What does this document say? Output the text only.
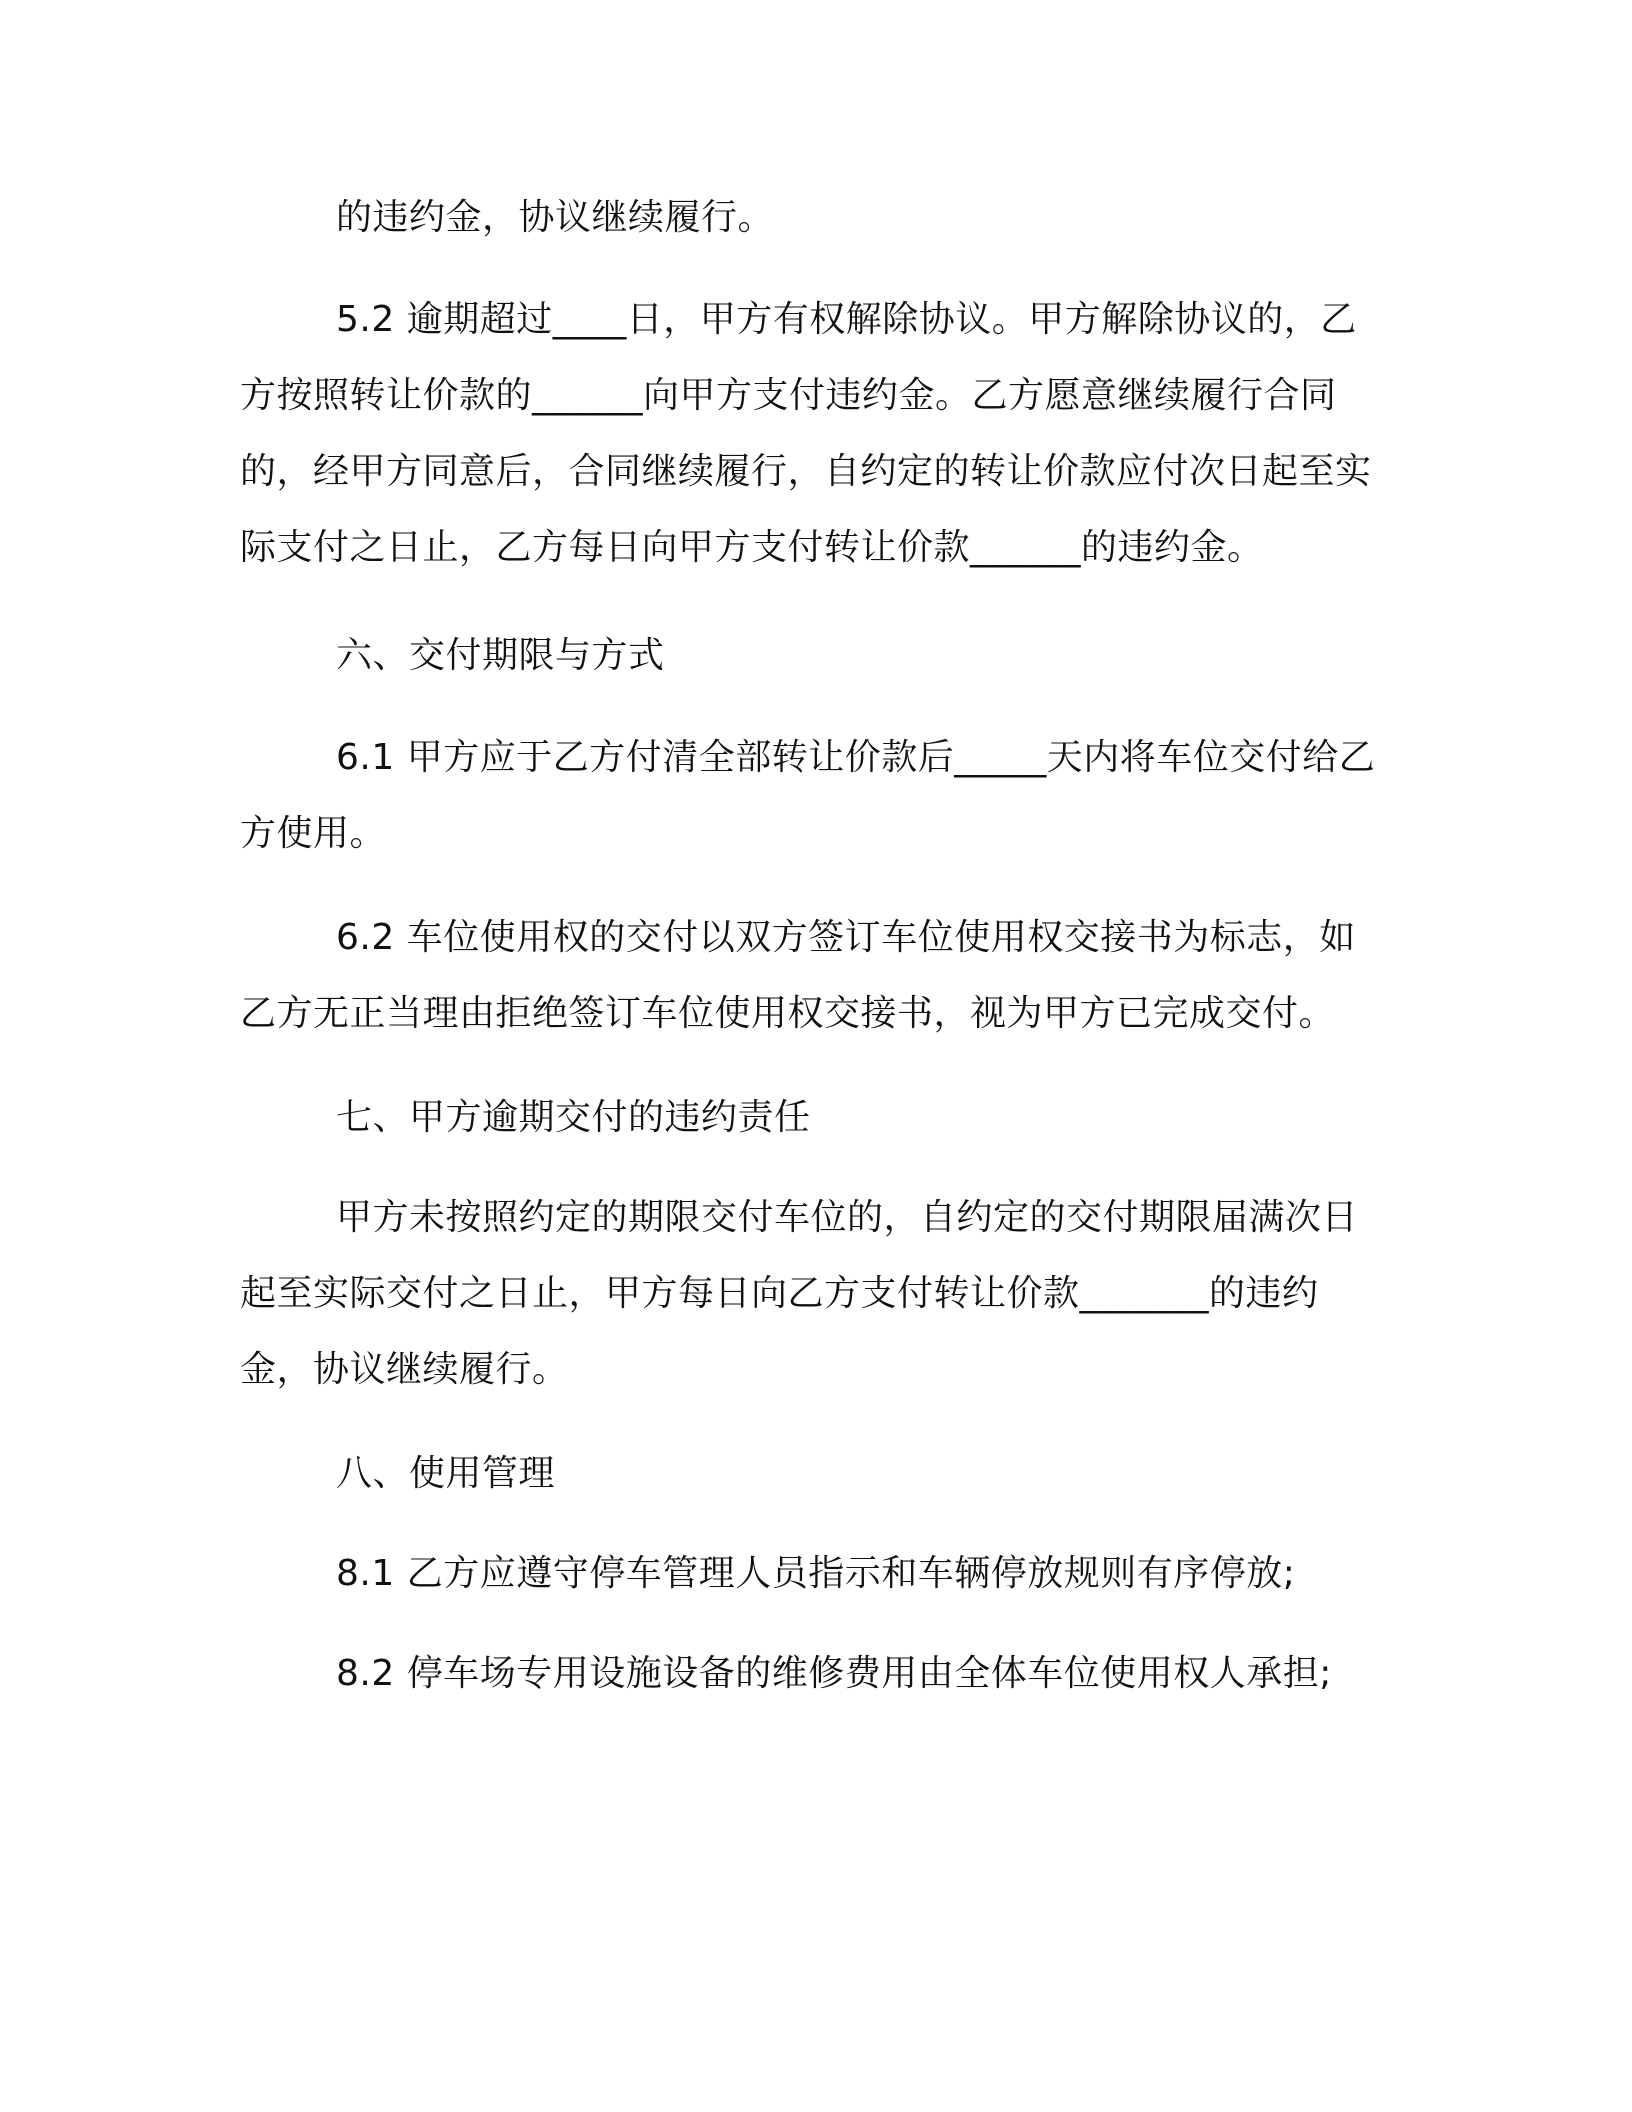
的违约金，协议继续履行。

5.2 逾期超过____日，甲方有权解除协议。甲方解除协议的，乙方按照转让价款的______向甲方支付违约金。乙方愿意继续履行合同的，经甲方同意后，合同继续履行，自约定的转让价款应付次日起至实际支付之日止，乙方每日向甲方支付转让价款______的违约金。

六、交付期限与方式

6.1 甲方应于乙方付清全部转让价款后_____天内将车位交付给乙方使用。

6.2 车位使用权的交付以双方签订车位使用权交接书为标志，如乙方无正当理由拒绝签订车位使用权交接书，视为甲方已完成交付。

七、甲方逾期交付的违约责任

甲方未按照约定的期限交付车位的，自约定的交付期限届满次日起至实际交付之日止，甲方每日向乙方支付转让价款_______的违约金，协议继续履行。

八、使用管理

8.1 乙方应遵守停车管理人员指示和车辆停放规则有序停放;

8.2 停车场专用设施设备的维修费用由全体车位使用权人承担;
